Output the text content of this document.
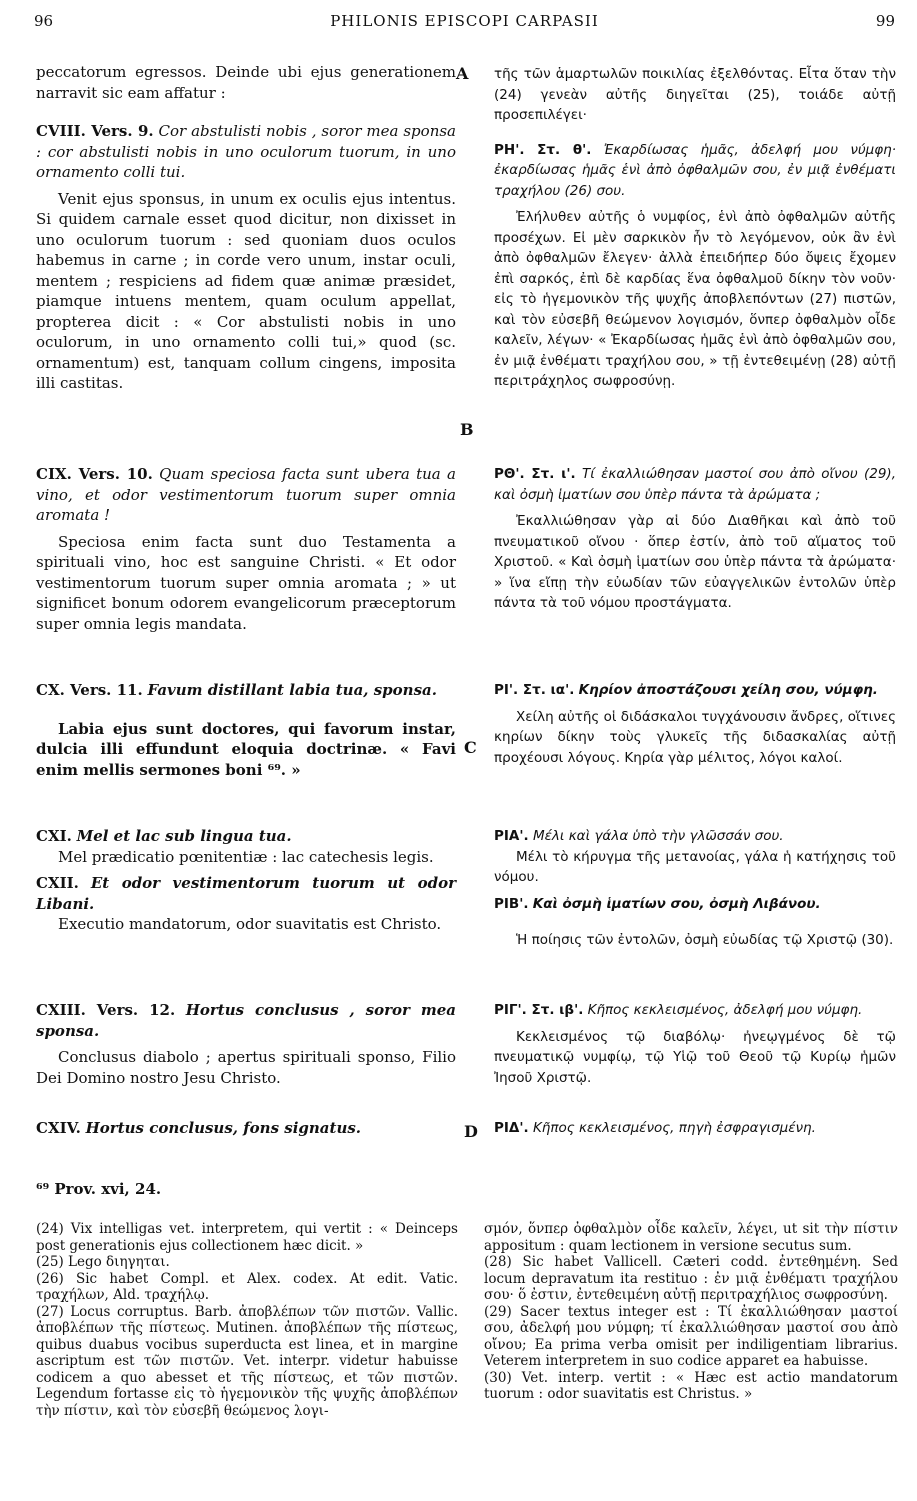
96	PHILONIS EPISCOPI CARPASII	99

peccatorum egressos. Deinde ubi ejus generationem narravit sic eam affatur :

CVIII. Vers. 9. Cor abstulisti nobis , soror mea sponsa : cor abstulisti nobis in uno oculorum tuorum, in uno ornamento colli tui.

Venit ejus sponsus, in unum ex oculis ejus intentus. Si quidem carnale esset quod dicitur, non dixisset in uno oculorum tuorum : sed quoniam duos oculos habemus in carne ; in corde vero unum, instar oculi, mentem ; respiciens ad fidem quæ animæ præsidet, piamque intuens mentem, quam oculum appellat, propterea dicit : « Cor abstulisti nobis in uno oculorum, in uno ornamento colli tui,» quod (sc. ornamentum) est, tanquam collum cingens, imposita illi castitas.

CIX. Vers. 10. Quam speciosa facta sunt ubera tua a vino, et odor vestimentorum tuorum super omnia aromata !

Speciosa enim facta sunt duo Testamenta a spirituali vino, hoc est sanguine Christi. « Et odor vestimentorum tuorum super omnia aromata ; » ut significet bonum odorem evangelicorum præceptorum super omnia legis mandata.

CX. Vers. 11. Favum distillant labia tua, sponsa.

Labia ejus sunt doctores, qui favorum instar, dulcia illi effundunt eloquia doctrinæ. « Favi enim mellis sermones boni ⁶⁹. »

CXI. Mel et lac sub lingua tua.

Mel prædicatio pœnitentiæ : lac catechesis legis.

CXII. Et odor vestimentorum tuorum ut odor Libani.

Executio mandatorum, odor suavitatis est Christo.

CXIII. Vers. 12. Hortus conclusus , soror mea sponsa.

Conclusus diabolo ; apertus spirituali sponso, Filio Dei Domino nostro Jesu Christo.

CXIV. Hortus conclusus, fons signatus.

τῆς τῶν ἁμαρτωλῶν ποικιλίας ἐξελθόντας. Εἶτα ὅταν τὴν (24) γενεὰν αὐτῆς διηγεῖται (25), τοιάδε αὐτῇ προσεπιλέγει·

ΡΗ'. Στ. θ'. Ἐκαρδίωσας ἡμᾶς, ἀδελφή μου νύμφη· ἐκαρδίωσας ἡμᾶς ἑνὶ ἀπὸ ὀφθαλμῶν σου, ἐν μιᾷ ἐνθέματι τραχήλου (26) σου.

Ἐλήλυθεν αὐτῆς ὁ νυμφίος, ἑνὶ ἀπὸ ὀφθαλμῶν αὐτῆς προσέχων. Εἰ μὲν σαρκικὸν ἦν τὸ λεγόμενον, οὐκ ἂν ἑνὶ ἀπὸ ὀφθαλμῶν ἔλεγεν· ἀλλὰ ἐπειδήπερ δύο ὄψεις ἔχομεν ἐπὶ σαρκός, ἐπὶ δὲ καρδίας ἕνα ὀφθαλμοῦ δίκην τὸν νοῦν· εἰς τὸ ἡγεμονικὸν τῆς ψυχῆς ἀποβλεπόντων (27) πιστῶν, καὶ τὸν εὐσεβῆ θεώμενον λογισμόν, ὅνπερ ὀφθαλμὸν οἶδε καλεῖν, λέγων· « Ἐκαρδίωσας ἡμᾶς ἑνὶ ἀπὸ ὀφθαλμῶν σου, ἐν μιᾷ ἐνθέματι τραχήλου σου, » τῇ ἐντεθειμένῃ (28) αὐτῇ περιτράχηλος σωφροσύνῃ.

ΡΘ'. Στ. ι'. Τί ἐκαλλιώθησαν μαστοί σου ἀπὸ οἴνου (29), καὶ ὀσμὴ ἱματίων σου ὑπὲρ πάντα τὰ ἀρώματα ;

Ἐκαλλιώθησαν γὰρ αἱ δύο Διαθῆκαι καὶ ἀπὸ τοῦ πνευματικοῦ οἴνου · ὅπερ ἐστίν, ἀπὸ τοῦ αἵματος τοῦ Χριστοῦ. « Καὶ ὀσμὴ ἱματίων σου ὑπὲρ πάντα τὰ ἀρώματα· » ἵνα εἴπῃ τὴν εὐωδίαν τῶν εὐαγγελικῶν ἐντολῶν ὑπὲρ πάντα τὰ τοῦ νόμου προστάγματα.

ΡΙ'. Στ. ια'. Κηρίον ἀποστάζουσι χείλη σου, νύμφη.

Χείλη αὐτῆς οἱ διδάσκαλοι τυγχάνουσιν ἄνδρες, οἵτινες κηρίων δίκην τοὺς γλυκεῖς τῆς διδασκαλίας αὐτῇ προχέουσι λόγους. Κηρία γὰρ μέλιτος, λόγοι καλοί.

ΡΙΑ'. Μέλι καὶ γάλα ὑπὸ τὴν γλῶσσάν σου.

Μέλι τὸ κήρυγμα τῆς μετανοίας, γάλα ἡ κατήχησις τοῦ νόμου.

ΡΙΒ'. Καὶ ὀσμὴ ἱματίων σου, ὀσμὴ Λιβάνου.

Ἡ ποίησις τῶν ἐντολῶν, ὀσμὴ εὐωδίας τῷ Χριστῷ (30).

ΡΙΓ'. Στ. ιβ'. Κῆπος κεκλεισμένος, ἀδελφή μου νύμφη.

Κεκλεισμένος τῷ διαβόλῳ· ἠνεῳγμένος δὲ τῷ πνευματικῷ νυμφίῳ, τῷ Υἱῷ τοῦ Θεοῦ τῷ Κυρίῳ ἡμῶν Ἰησοῦ Χριστῷ.

ΡΙΔ'. Κῆπος κεκλεισμένος, πηγὴ ἐσφραγισμένη.

A
B
C
D
⁶⁹ Prov. xvi, 24.

(24) Vix intelligas vet. interpretem, qui vertit : « Deinceps post generationis ejus collectionem hæc dicit. »

(25) Lego διηγηται.

(26) Sic habet Compl. et Alex. codex. At edit. Vatic. τραχήλων, Ald. τραχήλῳ.

(27) Locus corruptus. Barb. ἀποβλέπων τῶν πιστῶν. Vallic. ἀποβλέπων τῆς πίστεως. Mutinen. ἀποβλέπων τῆς πίστεως, quibus duabus vocibus superducta est linea, et in margine ascriptum est τῶν πιστῶν. Vet. interpr. videtur habuisse codicem a quo abesset et τῆς πίστεως, et τῶν πιστῶν. Legendum fortasse εἰς τὸ ἡγεμονικὸν τῆς ψυχῆς ἀποβλέπων τὴν πίστιν, καὶ τὸν εὐσεβῆ θεώμενος λογι-

σμόν, ὅνπερ ὀφθαλμὸν οἶδε καλεῖν, λέγει, ut sit τὴν πίστιν appositum : quam lectionem in versione secutus sum.

(28) Sic habet Vallicell. Cæteri codd. ἐντεθημένη. Sed locum depravatum ita restituo : ἐν μιᾷ ἐνθέματι τραχήλου σου· ὅ ἐστιν, ἐντεθειμένη αὐτῇ περιτραχήλιος σωφροσύνη.

(29) Sacer textus integer est : Τί ἐκαλλιώθησαν μαστοί σου, ἀδελφή μου νύμφη; τί ἐκαλλιώθησαν μαστοί σου ἀπὸ οἴνου; Ea prima verba omisit per indiligentiam librarius. Veterem interpretem in suo codice apparet ea habuisse.

(30) Vet. interp. vertit : « Hæc est actio mandatorum tuorum : odor suavitatis est Christus. »
